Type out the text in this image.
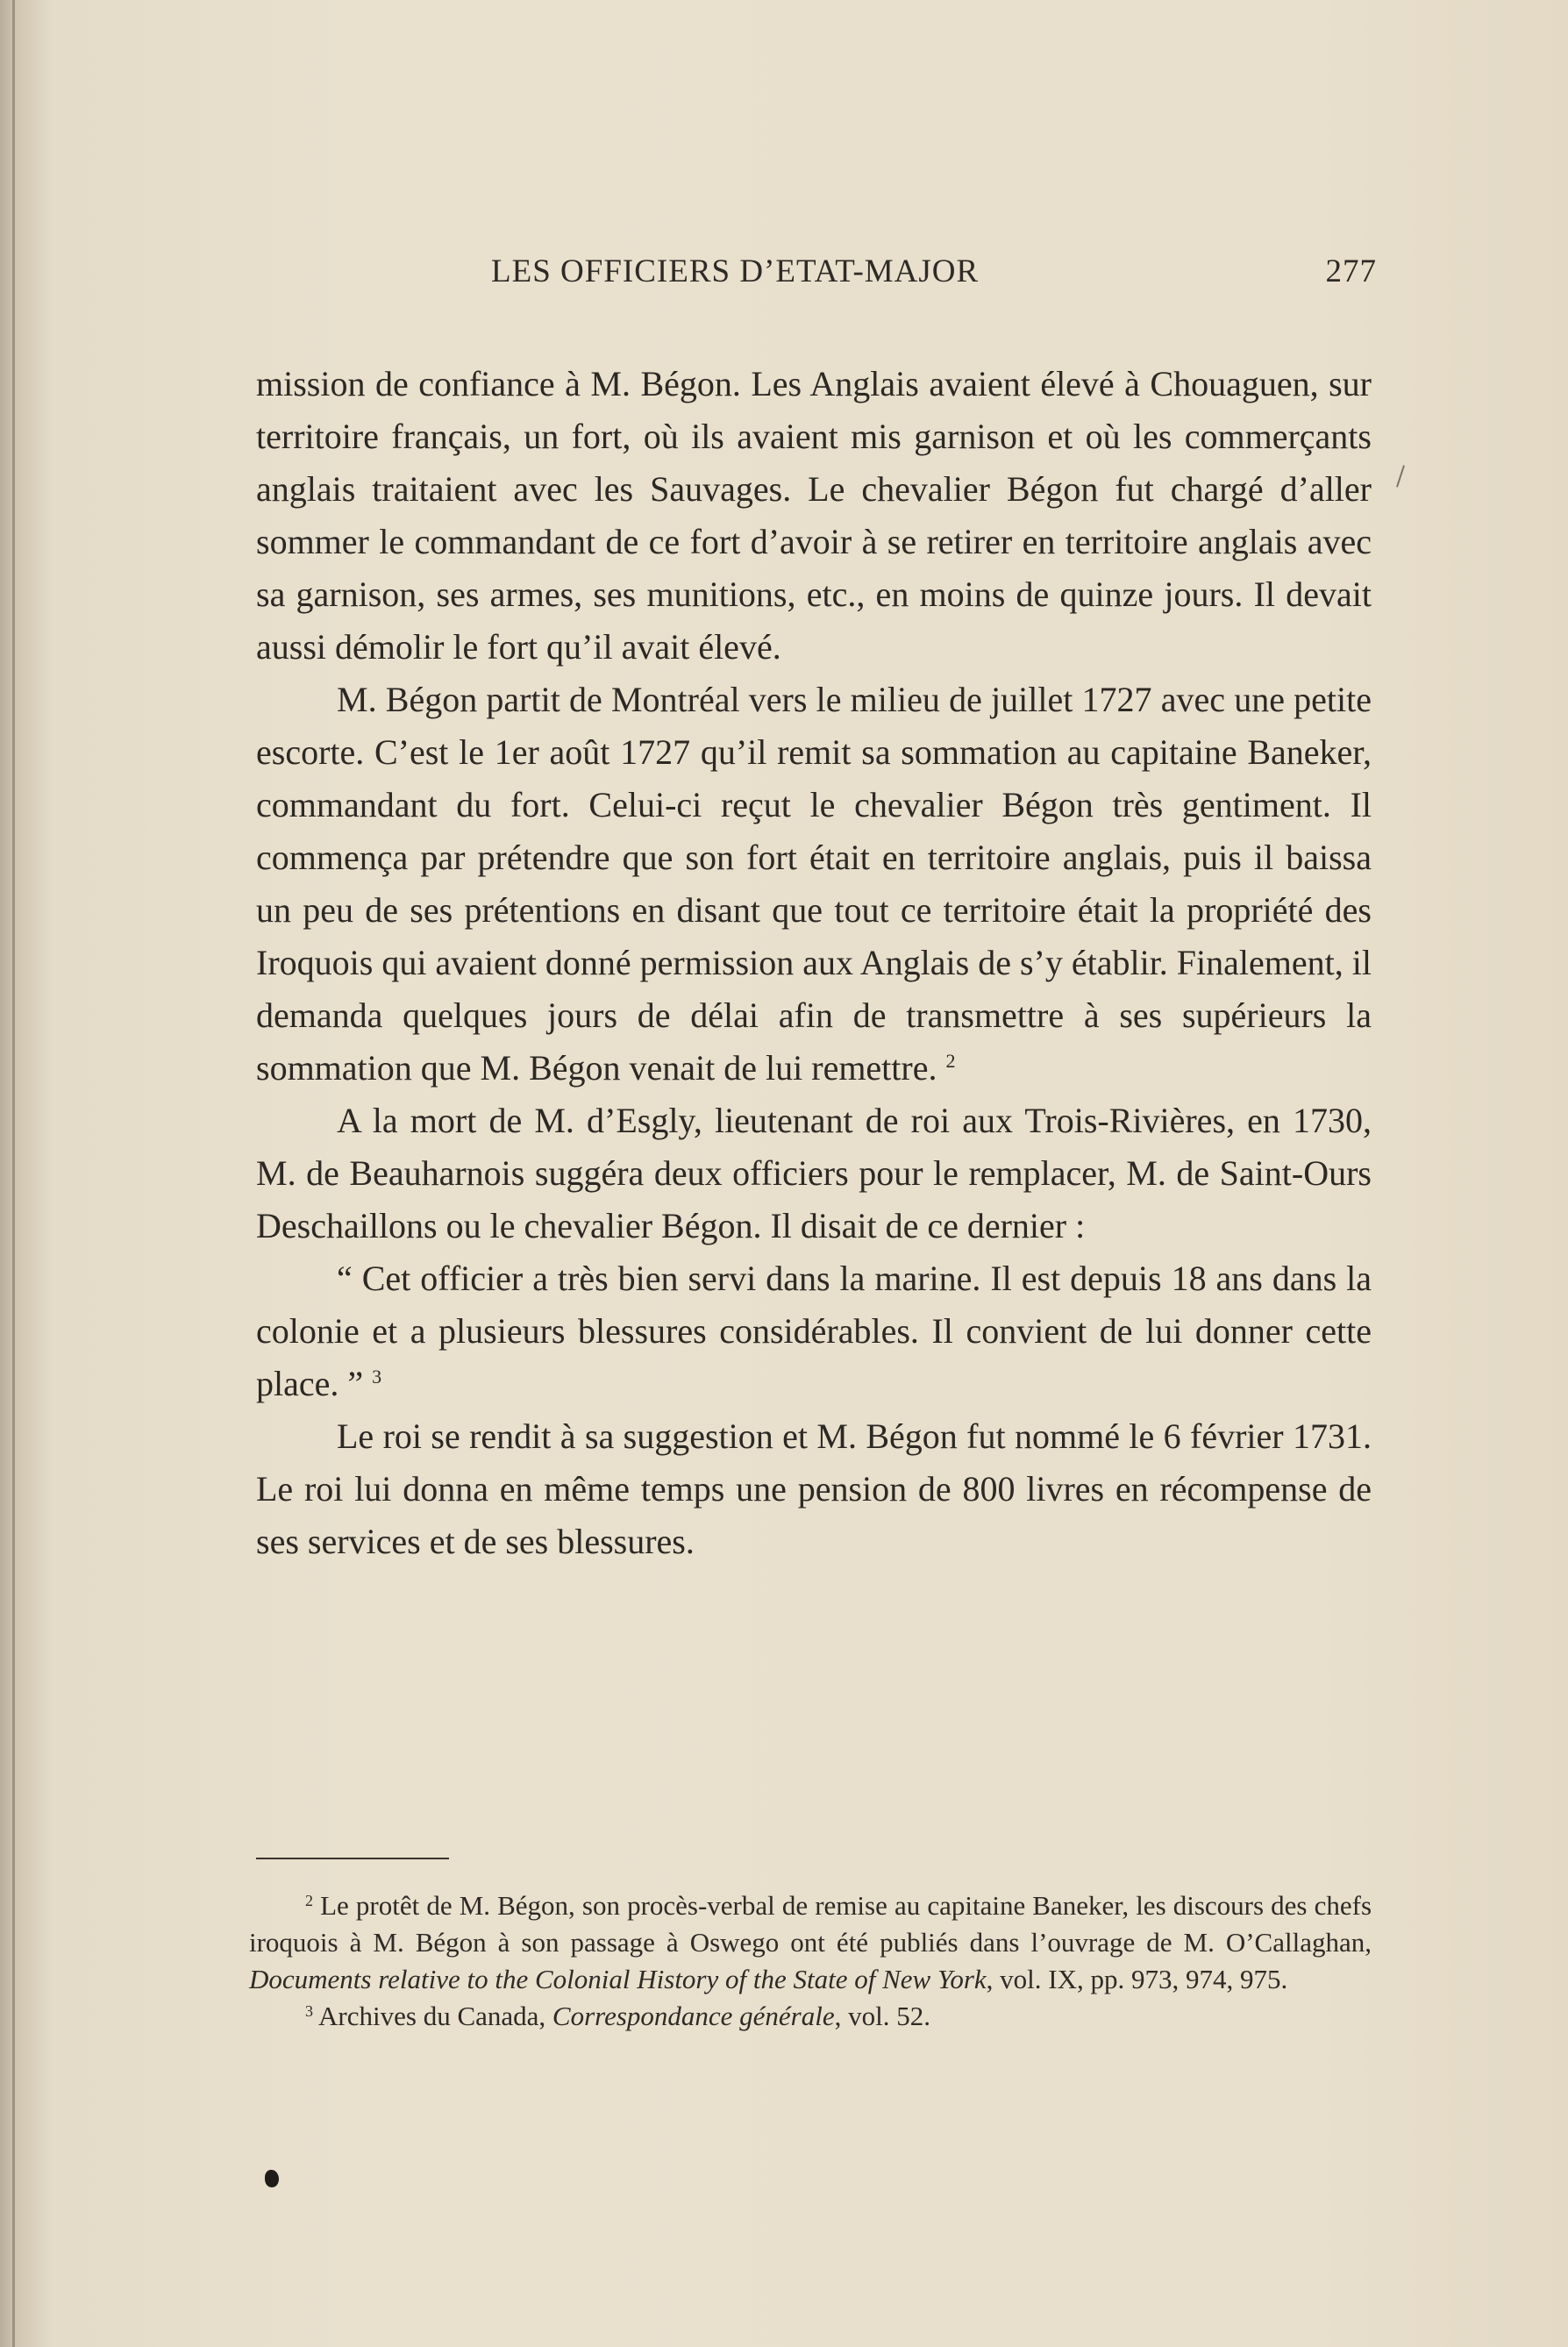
LES OFFICIERS D’ETAT-MAJOR	277

mission de confiance à M. Bégon. Les Anglais avaient élevé à Chouaguen, sur territoire français, un fort, où ils avaient mis garnison et où les commerçants anglais traitaient avec les Sauvages. Le chevalier Bégon fut chargé d’aller sommer le commandant de ce fort d’avoir à se retirer en territoire anglais avec sa garnison, ses armes, ses munitions, etc., en moins de quinze jours. Il devait aussi démolir le fort qu’il avait élevé.

M. Bégon partit de Montréal vers le milieu de juillet 1727 avec une petite escorte. C’est le 1er août 1727 qu’il remit sa sommation au capitaine Baneker, commandant du fort. Celui-ci reçut le chevalier Bégon très gentiment. Il commença par prétendre que son fort était en territoire anglais, puis il baissa un peu de ses prétentions en disant que tout ce territoire était la propriété des Iroquois qui avaient donné permission aux Anglais de s’y établir. Finalement, il demanda quelques jours de délai afin de transmettre à ses supérieurs la sommation que M. Bégon venait de lui remettre. $^2$

A la mort de M. d’Esgly, lieutenant de roi aux Trois-Rivières, en 1730, M. de Beauharnois suggéra deux officiers pour le remplacer, M. de Saint-Ours Deschaillons ou le chevalier Bégon. Il disait de ce dernier :

“ Cet officier a très bien servi dans la marine. Il est depuis 18 ans dans la colonie et a plusieurs blessures considérables. Il convient de lui donner cette place. ” $^3$

Le roi se rendit à sa suggestion et M. Bégon fut nommé le 6 février 1731. Le roi lui donna en même temps une pension de 800 livres en récompense de ses services et de ses blessures.

$^2$ Le protêt de M. Bégon, son procès-verbal de remise au capitaine Baneker, les discours des chefs iroquois à M. Bégon à son passage à Oswego ont été publiés dans l’ouvrage de M. O’Callaghan, Documents relative to the Colonial History of the State of New York, vol. IX, pp. 973, 974, 975.

$^3$ Archives du Canada, Correspondance générale, vol. 52.
